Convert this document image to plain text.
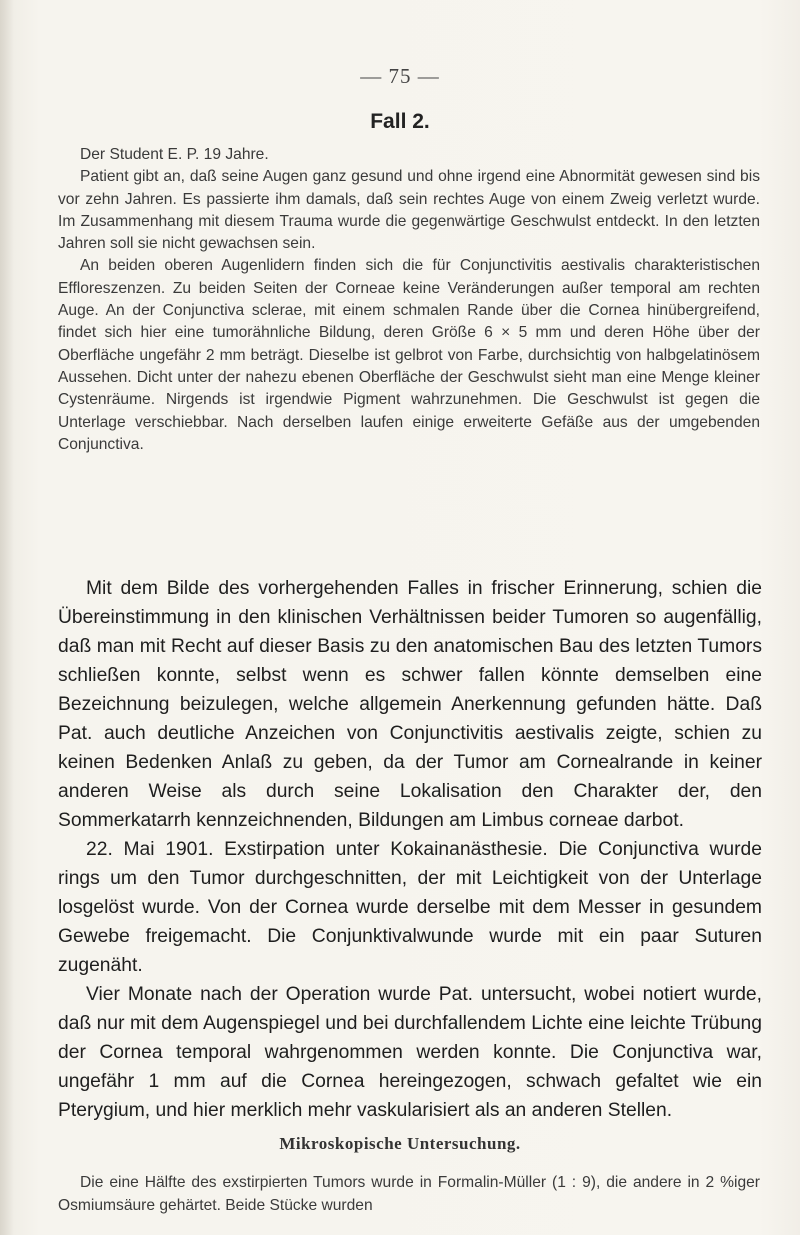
— 75 —
Fall 2.

Der Student E. P. 19 Jahre.

Patient gibt an, daß seine Augen ganz gesund und ohne irgend eine Abnormität gewesen sind bis vor zehn Jahren. Es passierte ihm damals, daß sein rechtes Auge von einem Zweig verletzt wurde. Im Zusammenhang mit diesem Trauma wurde die gegenwärtige Geschwulst entdeckt. In den letzten Jahren soll sie nicht gewachsen sein.

An beiden oberen Augenlidern finden sich die für Conjunctivitis aestivalis charakteristischen Effloreszenzen. Zu beiden Seiten der Corneae keine Veränderungen außer temporal am rechten Auge. An der Conjunctiva sclerae, mit einem schmalen Rande über die Cornea hinübergreifend, findet sich hier eine tumorähnliche Bildung, deren Größe 6 × 5 mm und deren Höhe über der Oberfläche ungefähr 2 mm beträgt. Dieselbe ist gelbrot von Farbe, durchsichtig von halbgelatinösem Aussehen. Dicht unter der nahezu ebenen Oberfläche der Geschwulst sieht man eine Menge kleiner Cystenräume. Nirgends ist irgendwie Pigment wahrzunehmen. Die Geschwulst ist gegen die Unterlage verschiebbar. Nach derselben laufen einige erweiterte Gefäße aus der umgebenden Conjunctiva.

Mit dem Bilde des vorhergehenden Falles in frischer Erinnerung, schien die Übereinstimmung in den klinischen Verhältnissen beider Tumoren so augenfällig, daß man mit Recht auf dieser Basis zu den anatomischen Bau des letzten Tumors schließen konnte, selbst wenn es schwer fallen könnte demselben eine Bezeichnung beizulegen, welche allgemein Anerkennung gefunden hätte. Daß Pat. auch deutliche Anzeichen von Conjunctivitis aestivalis zeigte, schien zu keinen Bedenken Anlaß zu geben, da der Tumor am Cornealrande in keiner anderen Weise als durch seine Lokalisation den Charakter der, den Sommerkatarrh kennzeichnenden, Bildungen am Limbus corneae darbot.

22. Mai 1901. Exstirpation unter Kokainanästhesie. Die Conjunctiva wurde rings um den Tumor durchgeschnitten, der mit Leichtigkeit von der Unterlage losgelöst wurde. Von der Cornea wurde derselbe mit dem Messer in gesundem Gewebe freigemacht. Die Conjunktivalwunde wurde mit ein paar Suturen zugenäht.

Vier Monate nach der Operation wurde Pat. untersucht, wobei notiert wurde, daß nur mit dem Augenspiegel und bei durchfallendem Lichte eine leichte Trübung der Cornea temporal wahrgenommen werden konnte. Die Conjunctiva war, ungefähr 1 mm auf die Cornea hereingezogen, schwach gefaltet wie ein Pterygium, und hier merklich mehr vaskularisiert als an anderen Stellen.

Mikroskopische Untersuchung.

Die eine Hälfte des exstirpierten Tumors wurde in Formalin-Müller (1 : 9), die andere in 2 %iger Osmiumsäure gehärtet. Beide Stücke wurden
